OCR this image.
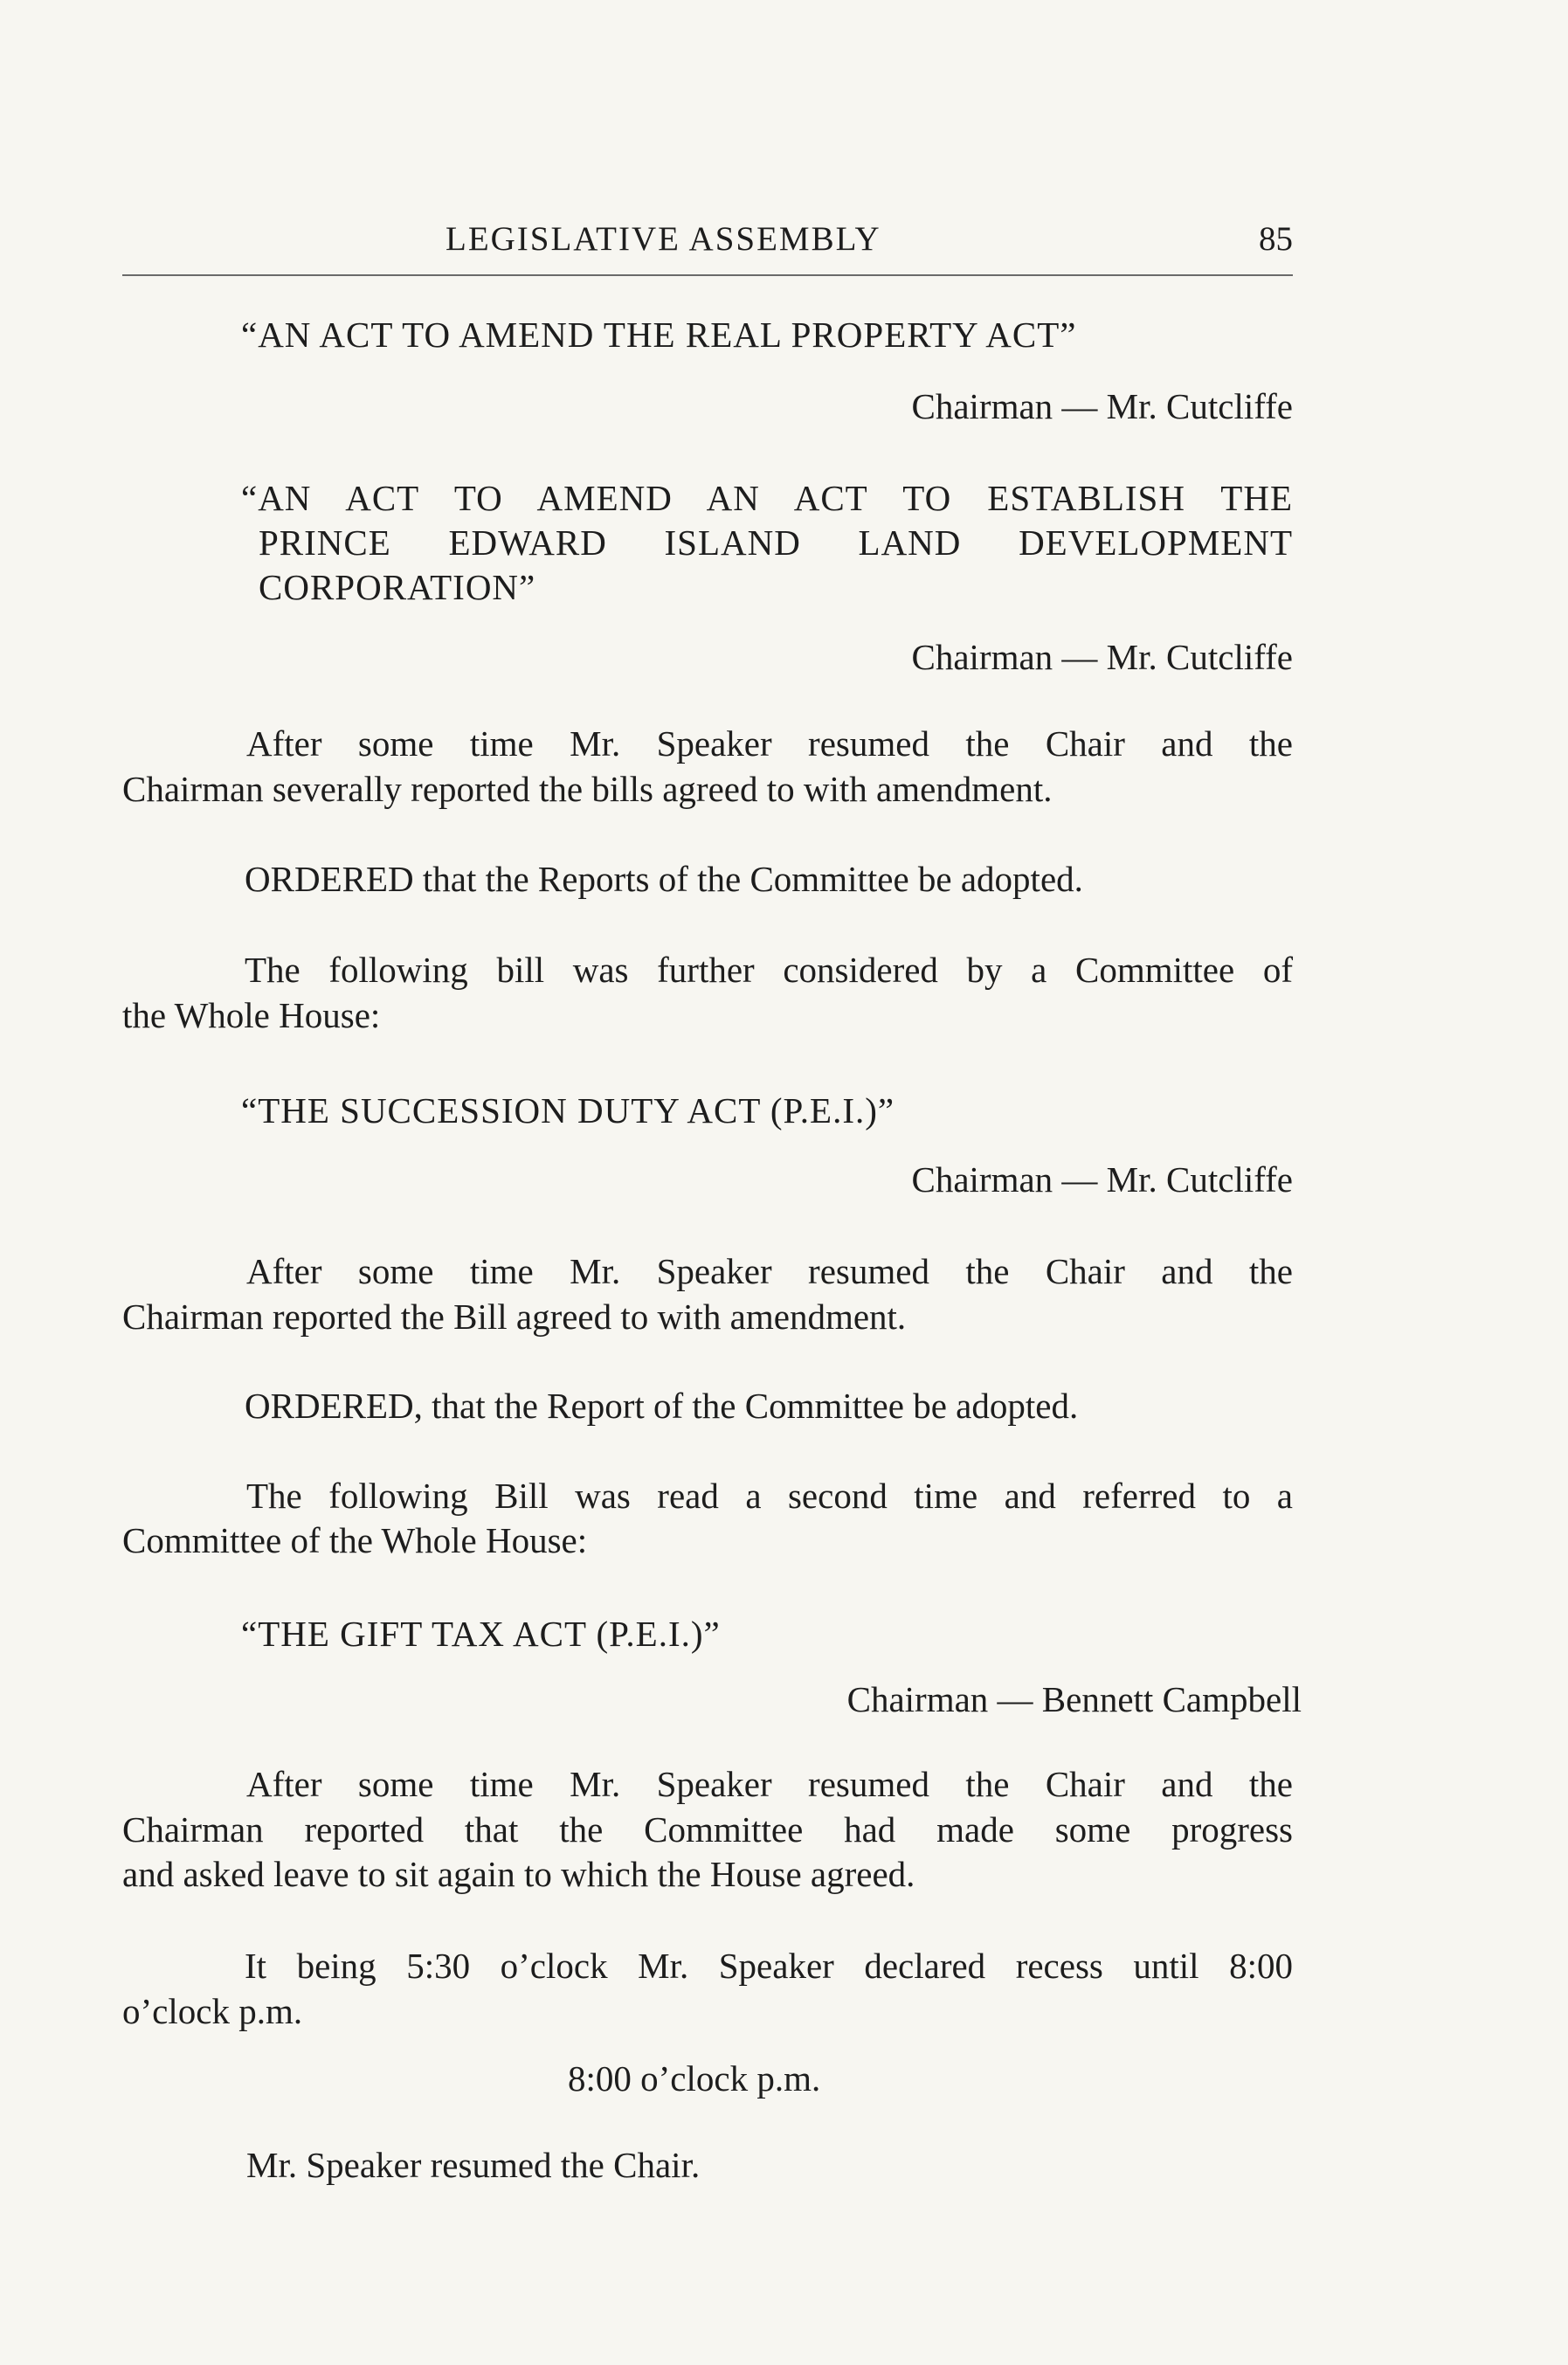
LEGISLATIVE ASSEMBLY	85
“AN ACT TO AMEND THE REAL PROPERTY ACT”
Chairman — Mr. Cutcliffe
“AN ACT TO AMEND AN ACT TO ESTABLISH THE
PRINCE EDWARD ISLAND LAND DEVELOPMENT
CORPORATION”
Chairman — Mr. Cutcliffe
After some time Mr. Speaker resumed the Chair and the
Chairman severally reported the bills agreed to with amendment.
ORDERED that the Reports of the Committee be adopted.
The following bill was further considered by a Committee of
the Whole House:
“THE SUCCESSION DUTY ACT (P.E.I.)”
Chairman — Mr. Cutcliffe
After some time Mr. Speaker resumed the Chair and the
Chairman reported the Bill agreed to with amendment.
ORDERED, that the Report of the Committee be adopted.
The following Bill was read a second time and referred to a
Committee of the Whole House:
“THE GIFT TAX ACT (P.E.I.)”
Chairman — Bennett Campbell
After some time Mr. Speaker resumed the Chair and the
Chairman reported that the Committee had made some progress
and asked leave to sit again to which the House agreed.
It being 5:30 o’clock Mr. Speaker declared recess until 8:00
o’clock p.m.
8:00 o’clock p.m.
Mr. Speaker resumed the Chair.
